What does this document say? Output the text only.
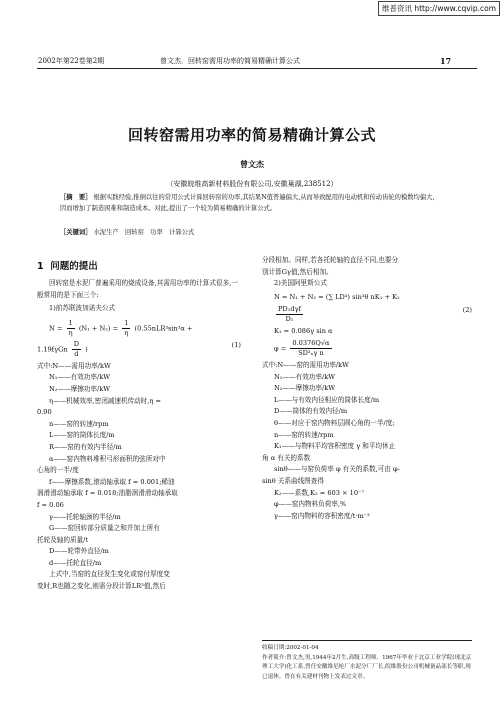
维普资讯 http://www.cqvip.com
2002年第22卷第2期	曾文杰．回转窑需用功率的简易精确计算公式	17
回转窑需用功率的简易精确计算公式
曾文杰
（安徽皖维高新材料股份有限公司,安徽巢湖,238512）
［摘　要］ 根据实践经验,推倒以往的常用公式计算回转窑的功率,其结果N值普遍偏大,从而导致配用的电动机和传动齿轮的模数均偏大,因而增加了制造困难和制造成本。对此,提出了一个较为简易精确的计算公式。
［关键词］ 水泥生产　回转窑　功率　计算公式
1 问题的提出
回转窑是水泥厂普遍采用的烧成设备,其需用功率的计算式很多,一般常用的是下面三个:
1)前苏联波加诺夫公式
$N = \frac{1}{\eta} (N_1 + N_2) = \frac{1}{\eta} (0.55nLR^3\sin^3\alpha$ +
$1.19f\gamma Gn \frac{D}{d}$ )
(1)
式中:N——需用功率/kW
N₁——有效功率/kW
N₂——摩擦功率/kW
η——机械效率,密闭减速机传动时,η =
0.90
n——窑的转速/rpm
L——窑的筒体长度/m
R——窑的有效内半径/m
α——窑内物料堆积弓形面积的弦所对中
心角的一半/度
f——摩擦系数,滚动轴承取 f = 0.001;稀油
润滑滑动轴承取 f = 0.018;油脂润滑滑动轴承取
f = 0.06
γ——托轮轴颈的半径/m
G——窑回转部分质量之和并加上所有
托轮及轴的质量/t
D——轮带外直径/m
d——托轮直径/m
上式中,当窑的直径发生变化或窑付厚度变
变时,R也随之变化,则需分段计算LR³值,然后
分段相加。同样,若各托轮轴的直径不同,也要分
别计算Gγ值,然后相加。
2)美国阿里斯公式
N = N₁ + N₂ = (∑ LD³) sin³θ nK₁ + K₂
$\frac{\text{PD₁dγf}}{\text{D₁}}$	(2)
K₁ = 0.086γ sin α
$\varphi = \frac{0.0376Q√\alpha}{\text{SD³ₙγ n}}$
式中:N——窑的需用功率/kW
N₁——有效功率/kW
N₂——摩擦功率/kW
L——与有效内径相应的筒体长度/m
D——筒体的有效内径/m
θ——对应于窑内物料层圆心角的一半/度;
n——窑的转速/rpm
K₁——与物料平均容积密度 γ 和平均休止
角 α 有关的系数
sinθ——与窑负荷率 φ 有关的系数,可由 φ-
sinθ 关系曲线图查得
K₂——系数,K₂ = 603 × 10⁻⁷
φ——窑内物料负荷率,%
γ——窑内物料的容积密度/t·m⁻³
收稿日期:2002-01-04
作者简介:曾文杰,男,1944年2月生,高级工程师。1967年毕业于北京工业学院(现北京理工大学)化工系,曾任安徽维尼纶厂水泥分厂厂长,皖维股份公司机械备品部长等职,现已退休。曾在有关建材刊物上发表过文章。
